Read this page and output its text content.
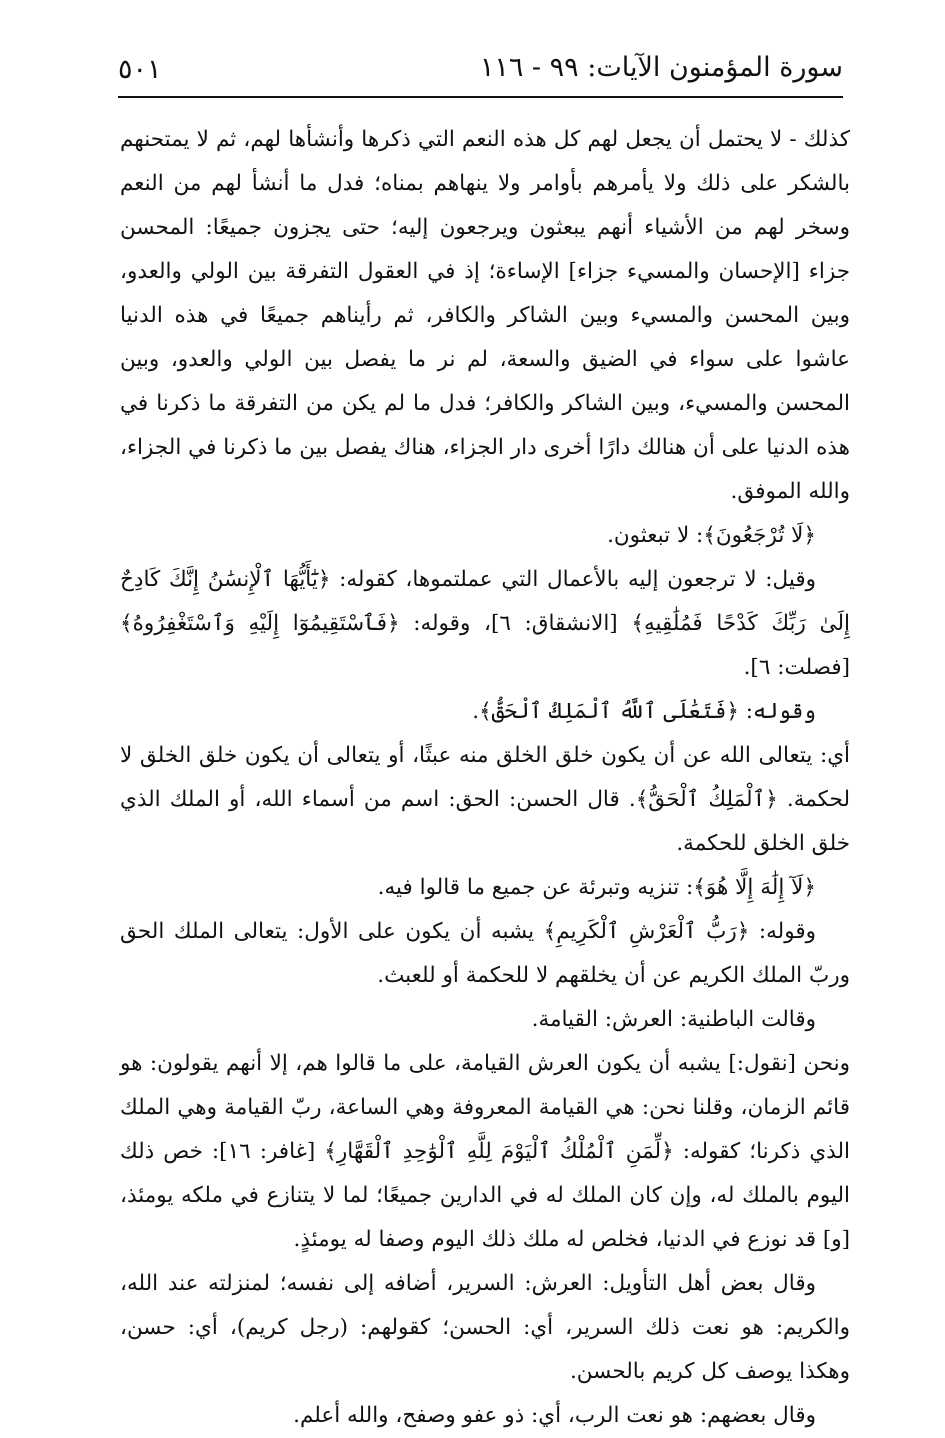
٥٠١	سورة المؤمنون الآيات: ٩٩ - ١١٦

كذلك - لا يحتمل أن يجعل لهم كل هذه النعم التي ذكرها وأنشأها لهم، ثم لا يمتحنهم بالشكر على ذلك ولا يأمرهم بأوامر ولا ينهاهم بمناه؛ فدل ما أنشأ لهم من النعم وسخر لهم من الأشياء أنهم يبعثون ويرجعون إليه؛ حتى يجزون جميعًا: المحسن جزاء [الإحسان والمسيء جزاء] الإساءة؛ إذ في العقول التفرقة بين الولي والعدو، وبين المحسن والمسيء وبين الشاكر والكافر، ثم رأيناهم جميعًا في هذه الدنيا عاشوا على سواء في الضيق والسعة، لم نر ما يفصل بين الولي والعدو، وبين المحسن والمسيء، وبين الشاكر والكافر؛ فدل ما لم يكن من التفرقة ما ذكرنا في هذه الدنيا على أن هنالك دارًا أخرى دار الجزاء، هناك يفصل بين ما ذكرنا في الجزاء، والله الموفق.

﴿لَا تُرْجَعُونَ﴾: لا تبعثون.

وقيل: لا ترجعون إليه بالأعمال التي عملتموها، كقوله: ﴿يَٰٓأَيُّهَا ٱلْإِنسَٰنُ إِنَّكَ كَادِحٌ إِلَىٰ رَبِّكَ كَدْحًا فَمُلَٰقِيهِ﴾ [الانشقاق: ٦]، وقوله: ﴿فَٱسْتَقِيمُوٓا إِلَيْهِ وَٱسْتَغْفِرُوهُ﴾ [فصلت: ٦].

وقوله: ﴿فَتَعَٰلَى ٱللَّهُ ٱلْمَلِكُ ٱلْحَقُّ﴾.

أي: يتعالى الله عن أن يكون خلق الخلق منه عبثًا، أو يتعالى أن يكون خلق الخلق لا لحكمة. ﴿ٱلْمَلِكُ ٱلْحَقُّ﴾. قال الحسن: الحق: اسم من أسماء الله، أو الملك الذي خلق الخلق للحكمة.

﴿لَآ إِلَٰهَ إِلَّا هُوَ﴾: تنزيه وتبرئة عن جميع ما قالوا فيه.

وقوله: ﴿رَبُّ ٱلْعَرْشِ ٱلْكَرِيمِ﴾ يشبه أن يكون على الأول: يتعالى الملك الحق وربّ الملك الكريم عن أن يخلقهم لا للحكمة أو للعبث.

وقالت الباطنية: العرش: القيامة.

ونحن [نقول:] يشبه أن يكون العرش القيامة، على ما قالوا هم، إلا أنهم يقولون: هو قائم الزمان، وقلنا نحن: هي القيامة المعروفة وهي الساعة، ربّ القيامة وهي الملك الذي ذكرنا؛ كقوله: ﴿لِّمَنِ ٱلْمُلْكُ ٱلْيَوْمَ لِلَّهِ ٱلْوَٰحِدِ ٱلْقَهَّارِ﴾ [غافر: ١٦]: خص ذلك اليوم بالملك له، وإن كان الملك له في الدارين جميعًا؛ لما لا يتنازع في ملكه يومئذ، [و] قد نوزع في الدنيا، فخلص له ملك ذلك اليوم وصفا له يومئذٍ.

وقال بعض أهل التأويل: العرش: السرير، أضافه إلى نفسه؛ لمنزلته عند الله، والكريم: هو نعت ذلك السرير، أي: الحسن؛ كقولهم: (رجل كريم)، أي: حسن، وهكذا يوصف كل كريم بالحسن.

وقال بعضهم: هو نعت الرب، أي: ذو عفو وصفح، والله أعلم.
